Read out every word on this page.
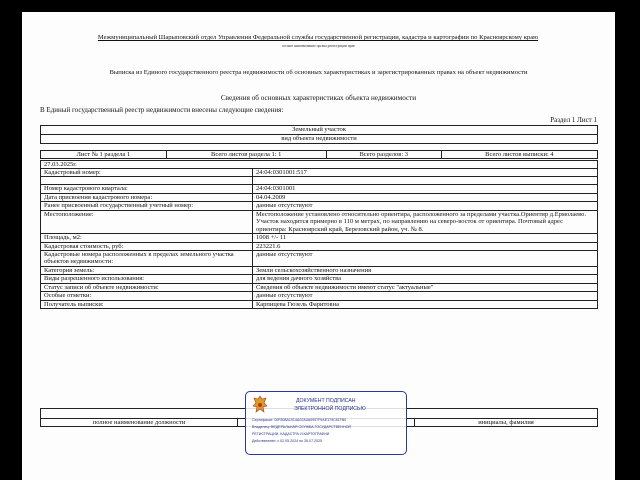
Межмуниципальный Шарыповский отдел Управления Федеральной службы государственной регистрации, кадастра и картографии по Красноярскому краю
полное наименование органа регистрации прав
Выписка из Единого государственного реестра недвижимости об основных характеристиках и зарегистрированных правах на объект недвижимости
Сведения об основных характеристиках объекта недвижимости
В Единый государственный реестр недвижимости внесены следующие сведения:
Раздел 1 Лист 1
Земельный участок
вид объекта недвижимости
Лист № 1 раздела 1	Всего листов раздела 1: 1	Всего разделов: 3	Всего листов выписки: 4
27.03.2025г.
Кадастровый номер:	24:04:0301001:517

Номер кадастрового квартала:	24:04:0301001
Дата присвоения кадастрового номера:	04.04.2009
Ранее присвоенный государственный учетный номер:	данные отсутствуют
Местоположение:	Местоположение установлено относительно ориентира, расположенного за пределами участка.Ориентир д.Ермолаево. Участок находится примерно в 110 м метрах, по направлению на северо-восток от ориентира. Почтовый адрес ориентира: Красноярский край, Березовский район, уч. № 8.
Площадь, м2:	1008 +/- 11
Кадастровая стоимость, руб:	223221.6
Кадастровые номера расположенных в пределах земельного участка объектов недвижимости:	данные отсутствуют
Категория земель:	Земли сельскохозяйственного назначения
Виды разрешенного использования:	для ведения дачного хозяйства
Статус записи об объекте недвижимости:	Сведения об объекте недвижимости имеют статус "актуальные"
Особые отметки:	данные отсутствуют
Получатель выписки:	Карпицева Гюзель Фаритовна

полное наименование должности		инициалы, фамилия
ДОКУМЕНТ ПОДПИСАН
ЭЛЕКТРОННОЙ ПОДПИСЬЮ
Сертификат: 00F898A1914A02A0A0997F9AE179C81FB0
Владелец: ФЕДЕРАЛЬНАЯ СЛУЖБА ГОСУДАРСТВЕННОЙ
РЕГИСТРАЦИИ, КАДАСТРА И КАРТОГРАФИИ
Действителен: с 02.05.2024 по 26.07.2025
